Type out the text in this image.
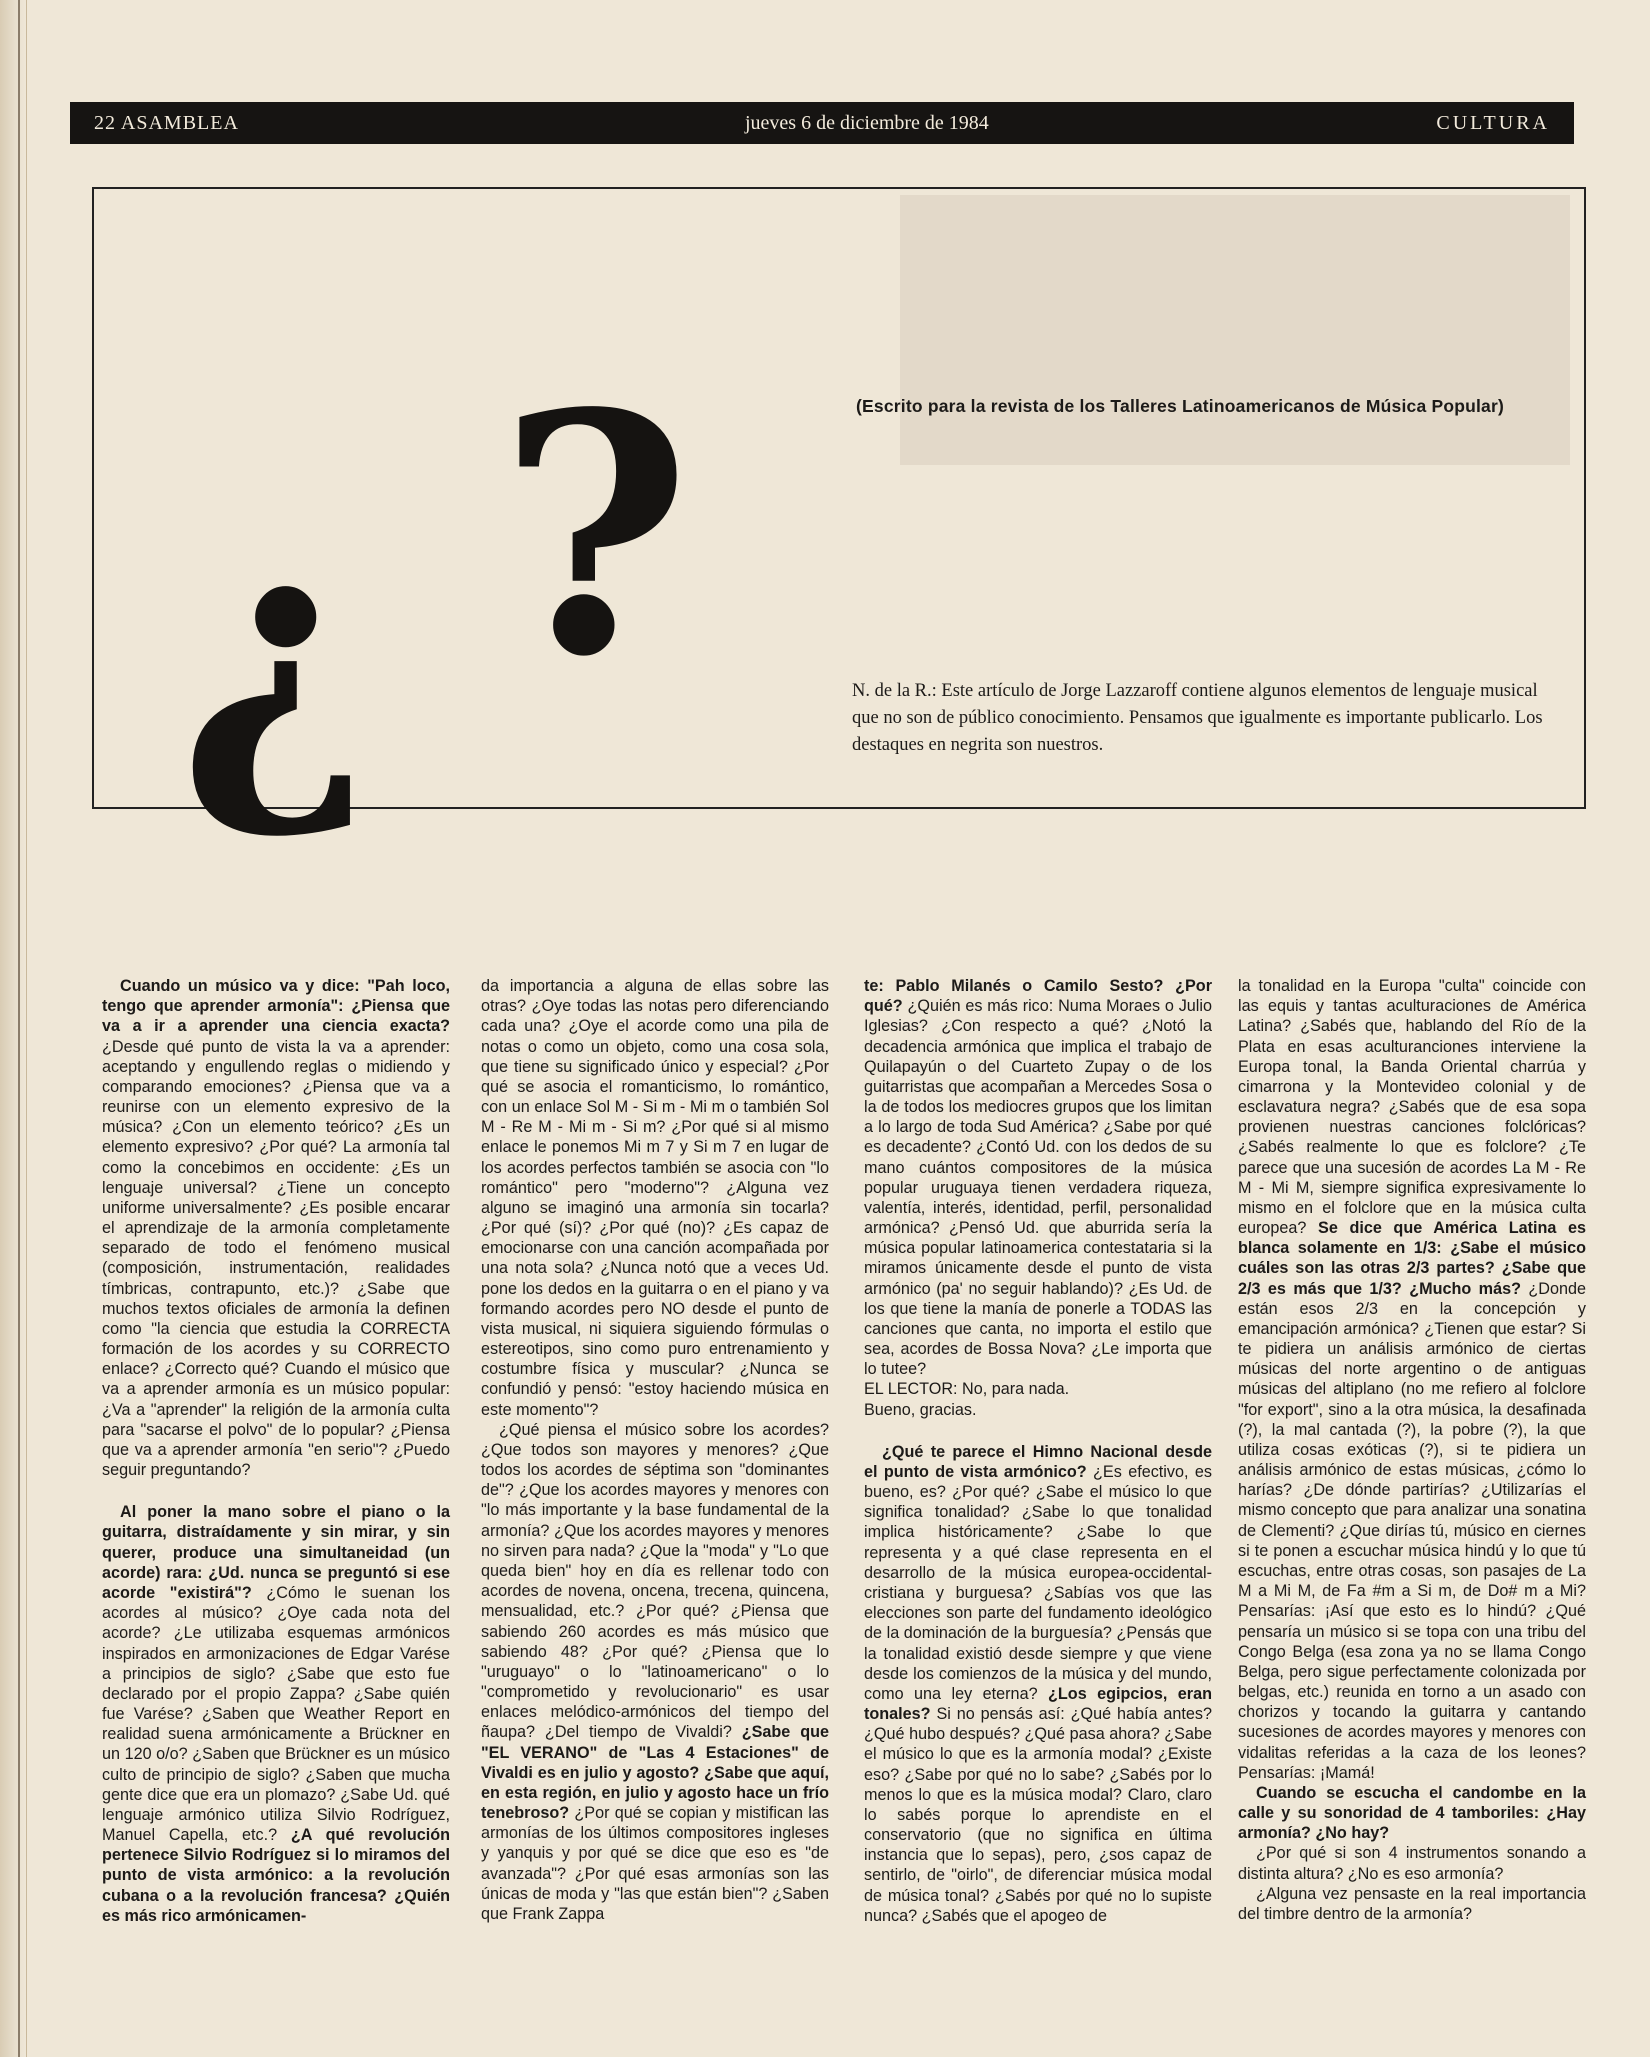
22 ASAMBLEA	jueves 6 de diciembre de 1984	CULTURA
¿ ?	(Escrito para la revista de los Talleres Latinoamericanos de Música Popular)
N. de la R.: Este artículo de Jorge Lazzaroff contiene algunos elementos de lenguaje musical que no son de público conocimiento. Pensamos que igualmente es importante publicarlo. Los destaques en negrita son nuestros.

Cuando un músico va y dice: "Pah loco, tengo que aprender armonía": ¿Piensa que va a ir a aprender una ciencia exacta? ¿Desde qué punto de vista la va a aprender: aceptando y engullendo reglas o midiendo y comparando emociones? ¿Piensa que va a reunirse con un elemento expresivo de la música? ¿Con un elemento teórico? ¿Es un elemento expresivo? ¿Por qué? La armonía tal como la concebimos en occidente: ¿Es un lenguaje universal? ¿Tiene un concepto uniforme universalmente? ¿Es posible encarar el aprendizaje de la armonía completamente separado de todo el fenómeno musical (composición, instrumentación, realidades tímbricas, contrapunto, etc.)? ¿Sabe que muchos textos oficiales de armonía la definen como "la ciencia que estudia la CORRECTA formación de los acordes y su CORRECTO enlace? ¿Correcto qué? Cuando el músico que va a aprender armonía es un músico popular: ¿Va a "aprender" la religión de la armonía culta para "sacarse el polvo" de lo popular? ¿Piensa que va a aprender armonía "en serio"? ¿Puedo seguir preguntando?

Al poner la mano sobre el piano o la guitarra, distraídamente y sin mirar, y sin querer, produce una simultaneidad (un acorde) rara: ¿Ud. nunca se preguntó si ese acorde "existirá"? ¿Cómo le suenan los acordes al músico? ¿Oye cada nota del acorde? ¿Le utilizaba esquemas armónicos inspirados en armonizaciones de Edgar Varése a principios de siglo? ¿Sabe que esto fue declarado por el propio Zappa? ¿Sabe quién fue Varése? ¿Saben que Weather Report en realidad suena armónicamente a Brückner en un 120 o/o? ¿Saben que Brückner es un músico culto de principio de siglo? ¿Saben que mucha gente dice que era un plomazo? ¿Sabe Ud. qué lenguaje armónico utiliza Silvio Rodríguez, Manuel Capella, etc.? ¿A qué revolución pertenece Silvio Rodríguez si lo miramos del punto de vista armónico: a la revolución cubana o a la revolución francesa? ¿Quién es más rico armónicamen-

da importancia a alguna de ellas sobre las otras? ¿Oye todas las notas pero diferenciando cada una? ¿Oye el acorde como una pila de notas o como un objeto, como una cosa sola, que tiene su significado único y especial? ¿Por qué se asocia el romanticismo, lo romántico, con un enlace Sol M - Si m - Mi m o también Sol M - Re M - Mi m - Si m? ¿Por qué si al mismo enlace le ponemos Mi m 7 y Si m 7 en lugar de los acordes perfectos también se asocia con "lo romántico" pero "moderno"? ¿Alguna vez alguno se imaginó una armonía sin tocarla? ¿Por qué (sí)? ¿Por qué (no)? ¿Es capaz de emocionarse con una canción acompañada por una nota sola? ¿Nunca notó que a veces Ud. pone los dedos en la guitarra o en el piano y va formando acordes pero NO desde el punto de vista musical, ni siquiera siguiendo fórmulas o estereotipos, sino como puro entrenamiento y costumbre física y muscular? ¿Nunca se confundió y pensó: "estoy haciendo música en este momento"?

¿Qué piensa el músico sobre los acordes? ¿Que todos son mayores y menores? ¿Que todos los acordes de séptima son "dominantes de"? ¿Que los acordes mayores y menores con "lo más importante y la base fundamental de la armonía? ¿Que los acordes mayores y menores no sirven para nada? ¿Que la "moda" y "Lo que queda bien" hoy en día es rellenar todo con acordes de novena, oncena, trecena, quincena, mensualidad, etc.? ¿Por qué? ¿Piensa que sabiendo 260 acordes es más músico que sabiendo 48? ¿Por qué? ¿Piensa que lo "uruguayo" o lo "latinoamericano" o lo "comprometido y revolucionario" es usar enlaces melódico-armónicos del tiempo del ñaupa? ¿Del tiempo de Vivaldi? ¿Sabe que "EL VERANO" de "Las 4 Estaciones" de Vivaldi es en julio y agosto? ¿Sabe que aquí, en esta región, en julio y agosto hace un frío tenebroso? ¿Por qué se copian y mistifican las armonías de los últimos compositores ingleses y yanquis y por qué se dice que eso es "de avanzada"? ¿Por qué esas armonías son las únicas de moda y "las que están bien"? ¿Saben que Frank Zappa

te: Pablo Milanés o Camilo Sesto? ¿Por qué? ¿Quién es más rico: Numa Moraes o Julio Iglesias? ¿Con respecto a qué? ¿Notó la decadencia armónica que implica el trabajo de Quilapayún o del Cuarteto Zupay o de los guitarristas que acompañan a Mercedes Sosa o la de todos los mediocres grupos que los limitan a lo largo de toda Sud América? ¿Sabe por qué es decadente? ¿Contó Ud. con los dedos de su mano cuántos compositores de la música popular uruguaya tienen verdadera riqueza, valentía, interés, identidad, perfil, personalidad armónica? ¿Pensó Ud. que aburrida sería la música popular latinoamerica contestataria si la miramos únicamente desde el punto de vista armónico (pa' no seguir hablando)? ¿Es Ud. de los que tiene la manía de ponerle a TODAS las canciones que canta, no importa el estilo que sea, acordes de Bossa Nova? ¿Le importa que lo tutee?

EL LECTOR: No, para nada.

Bueno, gracias.

¿Qué te parece el Himno Nacional desde el punto de vista armónico? ¿Es efectivo, es bueno, es? ¿Por qué? ¿Sabe el músico lo que significa tonalidad? ¿Sabe lo que tonalidad implica históricamente? ¿Sabe lo que representa y a qué clase representa en el desarrollo de la música europea-occidental-cristiana y burguesa? ¿Sabías vos que las elecciones son parte del fundamento ideológico de la dominación de la burguesía? ¿Pensás que la tonalidad existió desde siempre y que viene desde los comienzos de la música y del mundo, como una ley eterna? ¿Los egipcios, eran tonales? Si no pensás así: ¿Qué había antes? ¿Qué hubo después? ¿Qué pasa ahora? ¿Sabe el músico lo que es la armonía modal? ¿Existe eso? ¿Sabe por qué no lo sabe? ¿Sabés por lo menos lo que es la música modal? Claro, claro lo sabés porque lo aprendiste en el conservatorio (que no significa en última instancia que lo sepas), pero, ¿sos capaz de sentirlo, de "oirlo", de diferenciar música modal de música tonal? ¿Sabés por qué no lo supiste nunca? ¿Sabés que el apogeo de

la tonalidad en la Europa "culta" coincide con las equis y tantas aculturaciones de América Latina? ¿Sabés que, hablando del Río de la Plata en esas aculturanciones interviene la Europa tonal, la Banda Oriental charrúa y cimarrona y la Montevideo colonial y de esclavatura negra? ¿Sabés que de esa sopa provienen nuestras canciones folclóricas? ¿Sabés realmente lo que es folclore? ¿Te parece que una sucesión de acordes La M - Re M - Mi M, siempre significa expresivamente lo mismo en el folclore que en la música culta europea? Se dice que América Latina es blanca solamente en 1/3: ¿Sabe el músico cuáles son las otras 2/3 partes? ¿Sabe que 2/3 es más que 1/3? ¿Mucho más? ¿Donde están esos 2/3 en la concepción y emancipación armónica? ¿Tienen que estar? Si te pidiera un análisis armónico de ciertas músicas del norte argentino o de antiguas músicas del altiplano (no me refiero al folclore "for export", sino a la otra música, la desafinada (?), la mal cantada (?), la pobre (?), la que utiliza cosas exóticas (?), si te pidiera un análisis armónico de estas músicas, ¿cómo lo harías? ¿De dónde partirías? ¿Utilizarías el mismo concepto que para analizar una sonatina de Clementi? ¿Que dirías tú, músico en ciernes si te ponen a escuchar música hindú y lo que tú escuchas, entre otras cosas, son pasajes de La M a Mi M, de Fa #m a Si m, de Do# m a Mi? Pensarías: ¡Así que esto es lo hindú? ¿Qué pensaría un músico si se topa con una tribu del Congo Belga (esa zona ya no se llama Congo Belga, pero sigue perfectamente colonizada por belgas, etc.) reunida en torno a un asado con chorizos y tocando la guitarra y cantando sucesiones de acordes mayores y menores con vidalitas referidas a la caza de los leones? Pensarías: ¡Mamá!

Cuando se escucha el candombe en la calle y su sonoridad de 4 tamboriles: ¿Hay armonía? ¿No hay?

¿Por qué si son 4 instrumentos sonando a distinta altura? ¿No es eso armonía?

¿Alguna vez pensaste en la real importancia del timbre dentro de la armonía?
